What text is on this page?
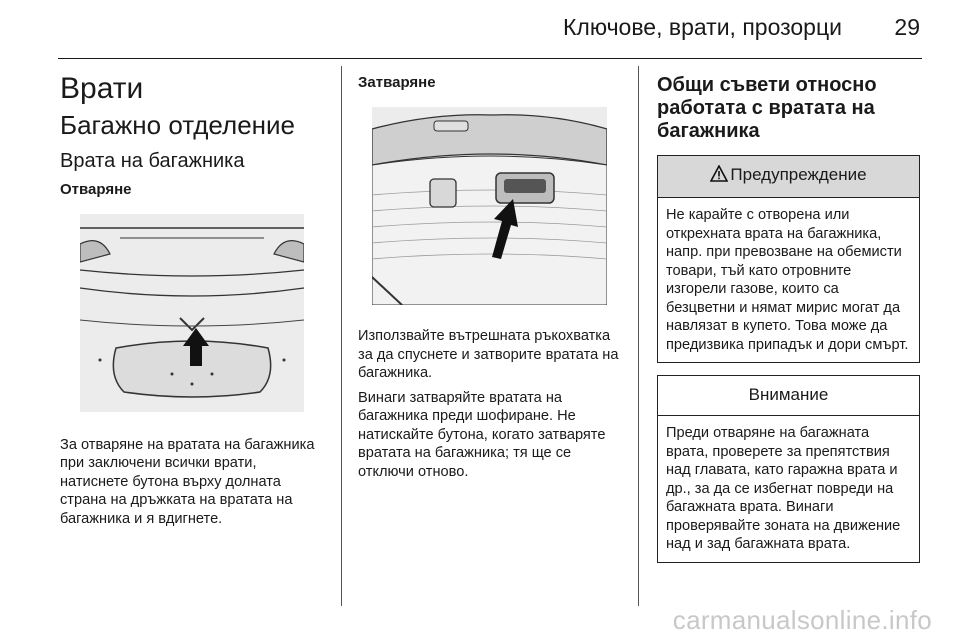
Ключове, врати, прозорци 29
Врати
Багажно отделение
Врата на багажника
Отваряне

За отваряне на вратата на багажника при заключени всички врати, натиснете бутона върху долната страна на дръжката на вратата на багажника и я вдигнете.

Затваряне

Използвайте вътрешната ръкохватка за да спуснете и затворите вратата на багажника.

Винаги затваряйте вратата на багажника преди шофиране. Не натискайте бутона, когато затваряте вратата на багажника; тя ще се отключи отново.

Общи съвети относно работата с вратата на багажника
Предупреждение

Не карайте с отворена или открехната врата на багажника, напр. при превозване на обемисти товари, тъй като отровните изгорели газове, които са безцветни и нямат мирис могат да навлязат в купето. Това може да предизвика припадък и дори смърт.

Внимание

Преди отваряне на багажната врата, проверете за препятствия над главата, като гаражна врата и др., за да се избегнат повреди на багажната врата. Винаги проверявайте зоната на движение над и зад багажната врата.

carmanualsonline.info
